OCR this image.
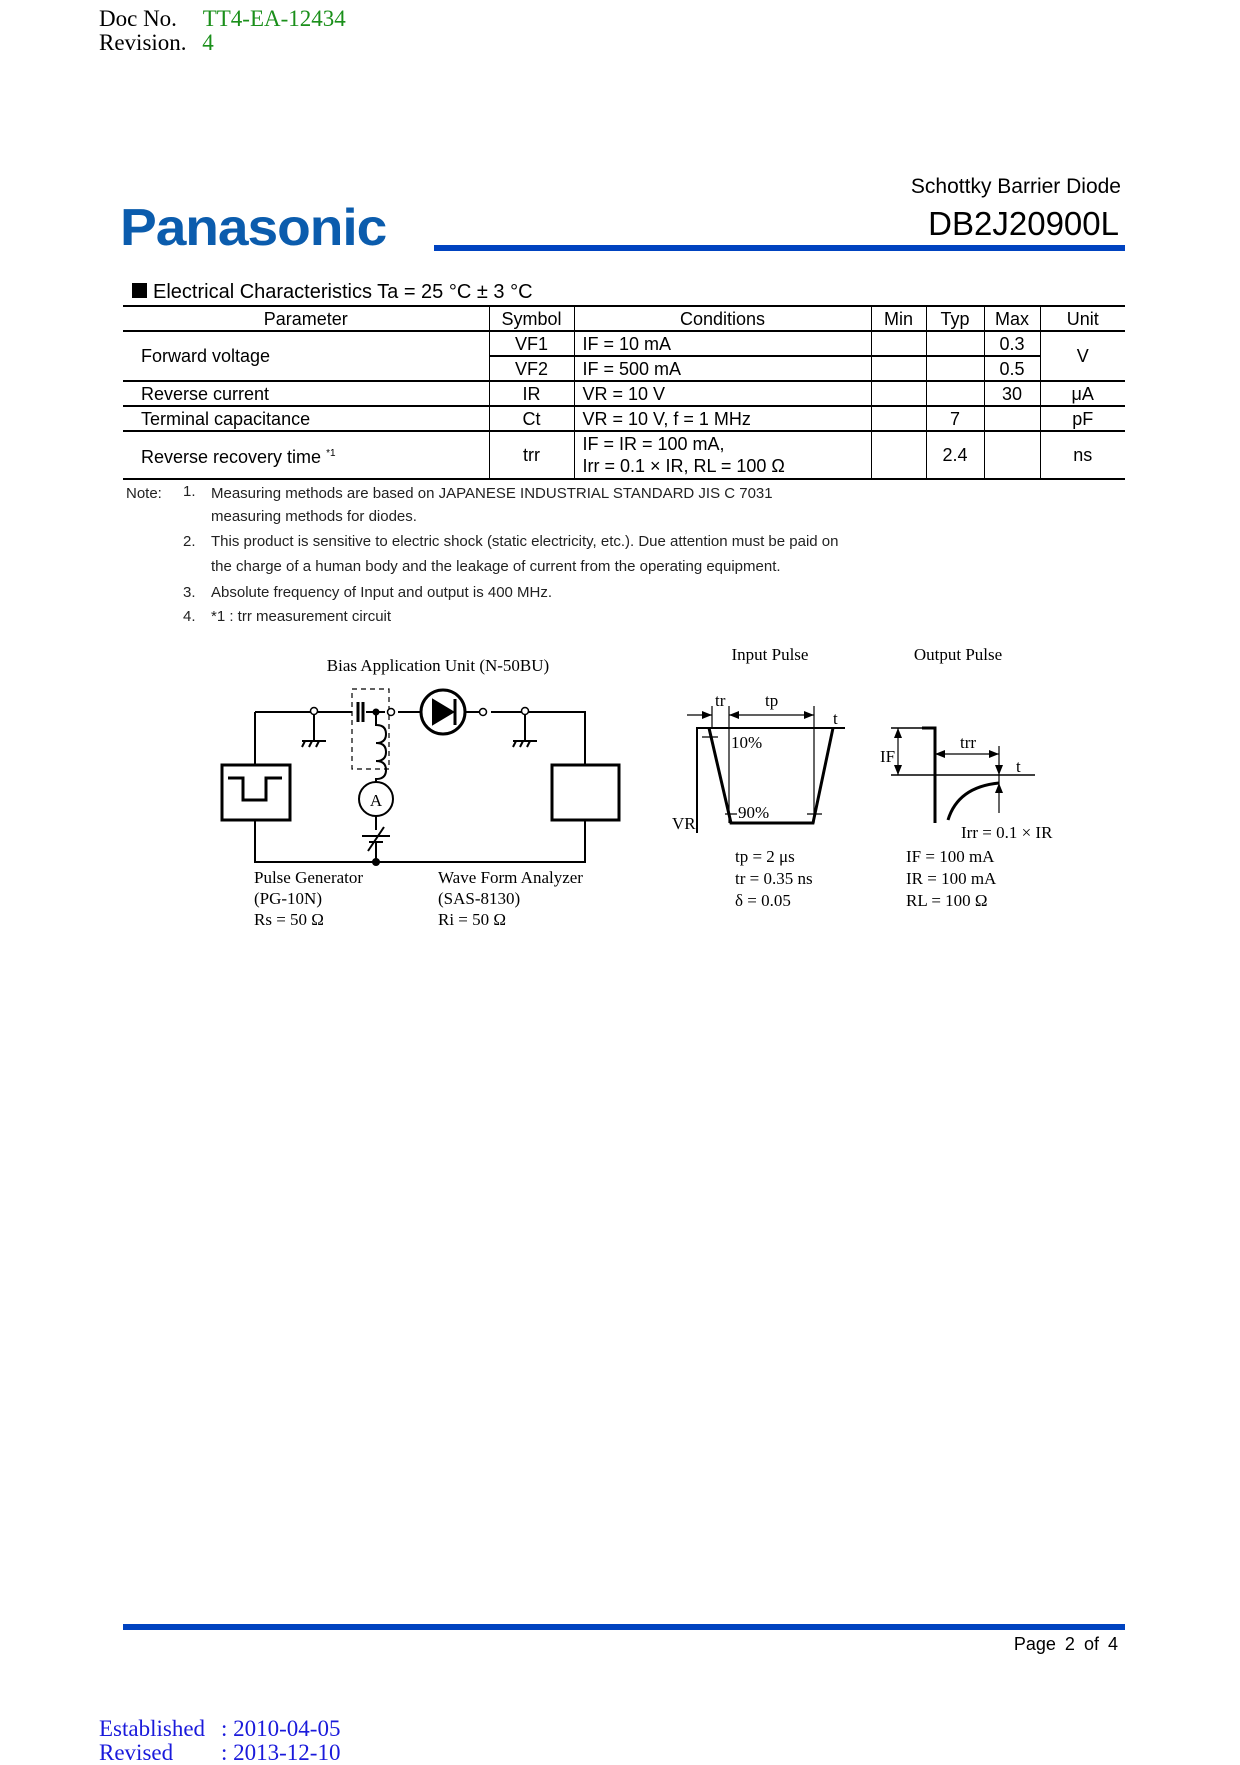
Doc No. TT4-EA-12434
Revision. 4
Panasonic
Schottky Barrier Diode
DB2J20900L
Electrical Characteristics Ta = 25 °C ± 3 °C
Parameter	Symbol	Conditions	Min	Typ	Max	Unit
Forward voltage	VF1	IF = 10 mA			0.3	V
	VF2	IF = 500 mA			0.5	
Reverse current	IR	VR = 10 V			30	μA
Terminal capacitance	Ct	VR = 10 V, f = 1 MHz		7		pF
Reverse recovery time $^{*1}$	trr	IF = IR = 100 mA,
Irr = 0.1 × IR, RL = 100 Ω		2.4		ns
Note: 1. Measuring methods are based on JAPANESE INDUSTRIAL STANDARD JIS C 7031
measuring methods for diodes.
2. This product is sensitive to electric shock (static electricity, etc.). Due attention must be paid on
the charge of a human body and the leakage of current from the operating equipment.
3. Absolute frequency of Input and output is 400 MHz.
4. *1 : trr measurement circuit
Bias Application Unit (N-50BU)
A
Pulse Generator
(PG-10N)
Rs = 50 Ω
Wave Form Analyzer
(SAS-8130)
Ri = 50 Ω
Input Pulse
tr tp
t
10%
90%
VR
tp = 2 μs
tr = 0.35 ns
δ = 0.05
Output Pulse
IF
trr
t
Irr = 0.1 × IR
IF = 100 mA
IR = 100 mA
RL = 100 Ω
Page 2 of 4
Established : 2010-04-05
Revised : 2013-12-10
